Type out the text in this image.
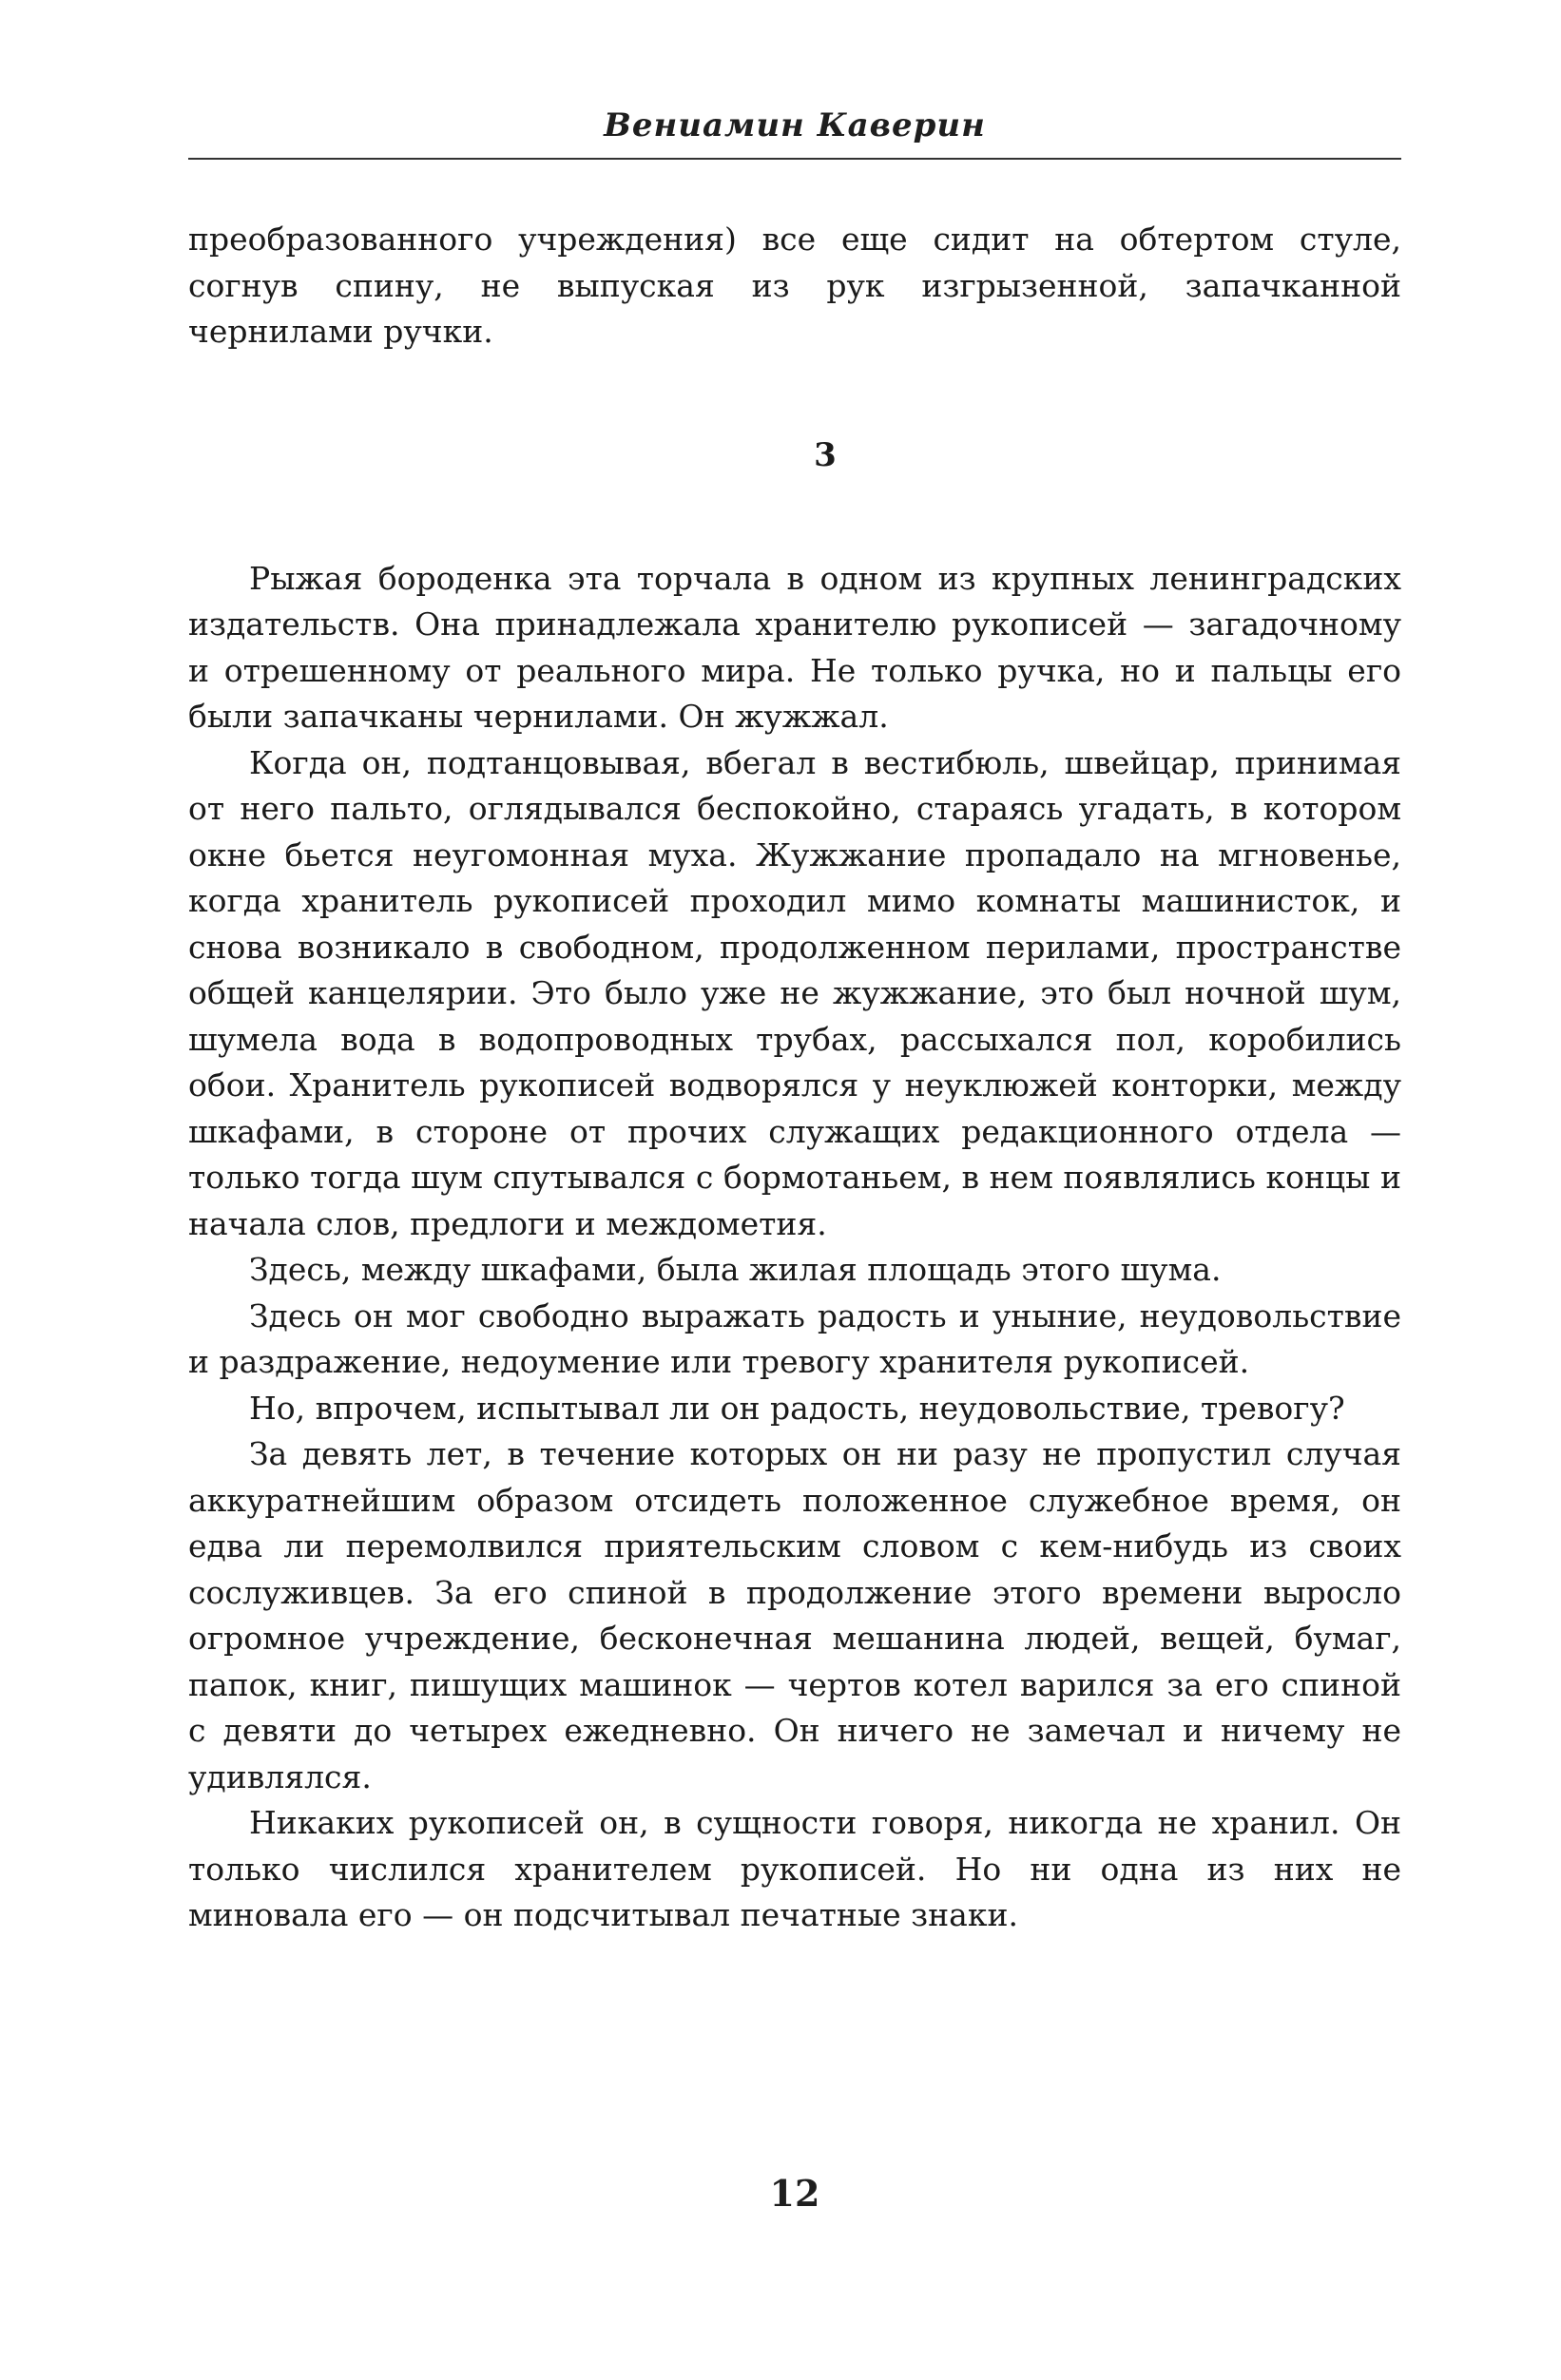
Вениамин Каверин

преобразованного учреждения) все еще сидит на обтертом стуле, согнув спину, не выпуская из рук изгрызенной, запачканной чернилами ручки.

3

Рыжая бороденка эта торчала в одном из крупных ленинградских издательств. Она принадлежала хранителю рукописей — загадочному и отрешенному от реального мира. Не только ручка, но и пальцы его были запачканы чернилами. Он жужжал.

Когда он, подтанцовывая, вбегал в вестибюль, швейцар, принимая от него пальто, оглядывался беспокойно, стараясь угадать, в котором окне бьется неугомонная муха. Жужжание пропадало на мгновенье, когда хранитель рукописей проходил мимо комнаты машинисток, и снова возникало в свободном, продолженном перилами, пространстве общей канцелярии. Это было уже не жужжание, это был ночной шум, шумела вода в водопроводных трубах, рассыхался пол, коробились обои. Хранитель рукописей водворялся у неуклюжей конторки, между шкафами, в стороне от прочих служащих редакционного отдела — только тогда шум спутывался с бормотаньем, в нем появлялись концы и начала слов, предлоги и междометия.

Здесь, между шкафами, была жилая площадь этого шума.

Здесь он мог свободно выражать радость и уныние, неудовольствие и раздражение, недоумение или тревогу хранителя рукописей.

Но, впрочем, испытывал ли он радость, неудовольствие, тревогу?

За девять лет, в течение которых он ни разу не пропустил случая аккуратнейшим образом отсидеть положенное служебное время, он едва ли перемолвился приятельским словом с кем-нибудь из своих сослуживцев. За его спиной в продолжение этого времени выросло огромное учреждение, бесконечная мешанина людей, вещей, бумаг, папок, книг, пишущих машинок — чертов котел варился за его спиной с девяти до четырех ежедневно. Он ничего не замечал и ничему не удивлялся.

Никаких рукописей он, в сущности говоря, никогда не хранил. Он только числился хранителем рукописей. Но ни одна из них не миновала его — он подсчитывал печатные знаки.

12
